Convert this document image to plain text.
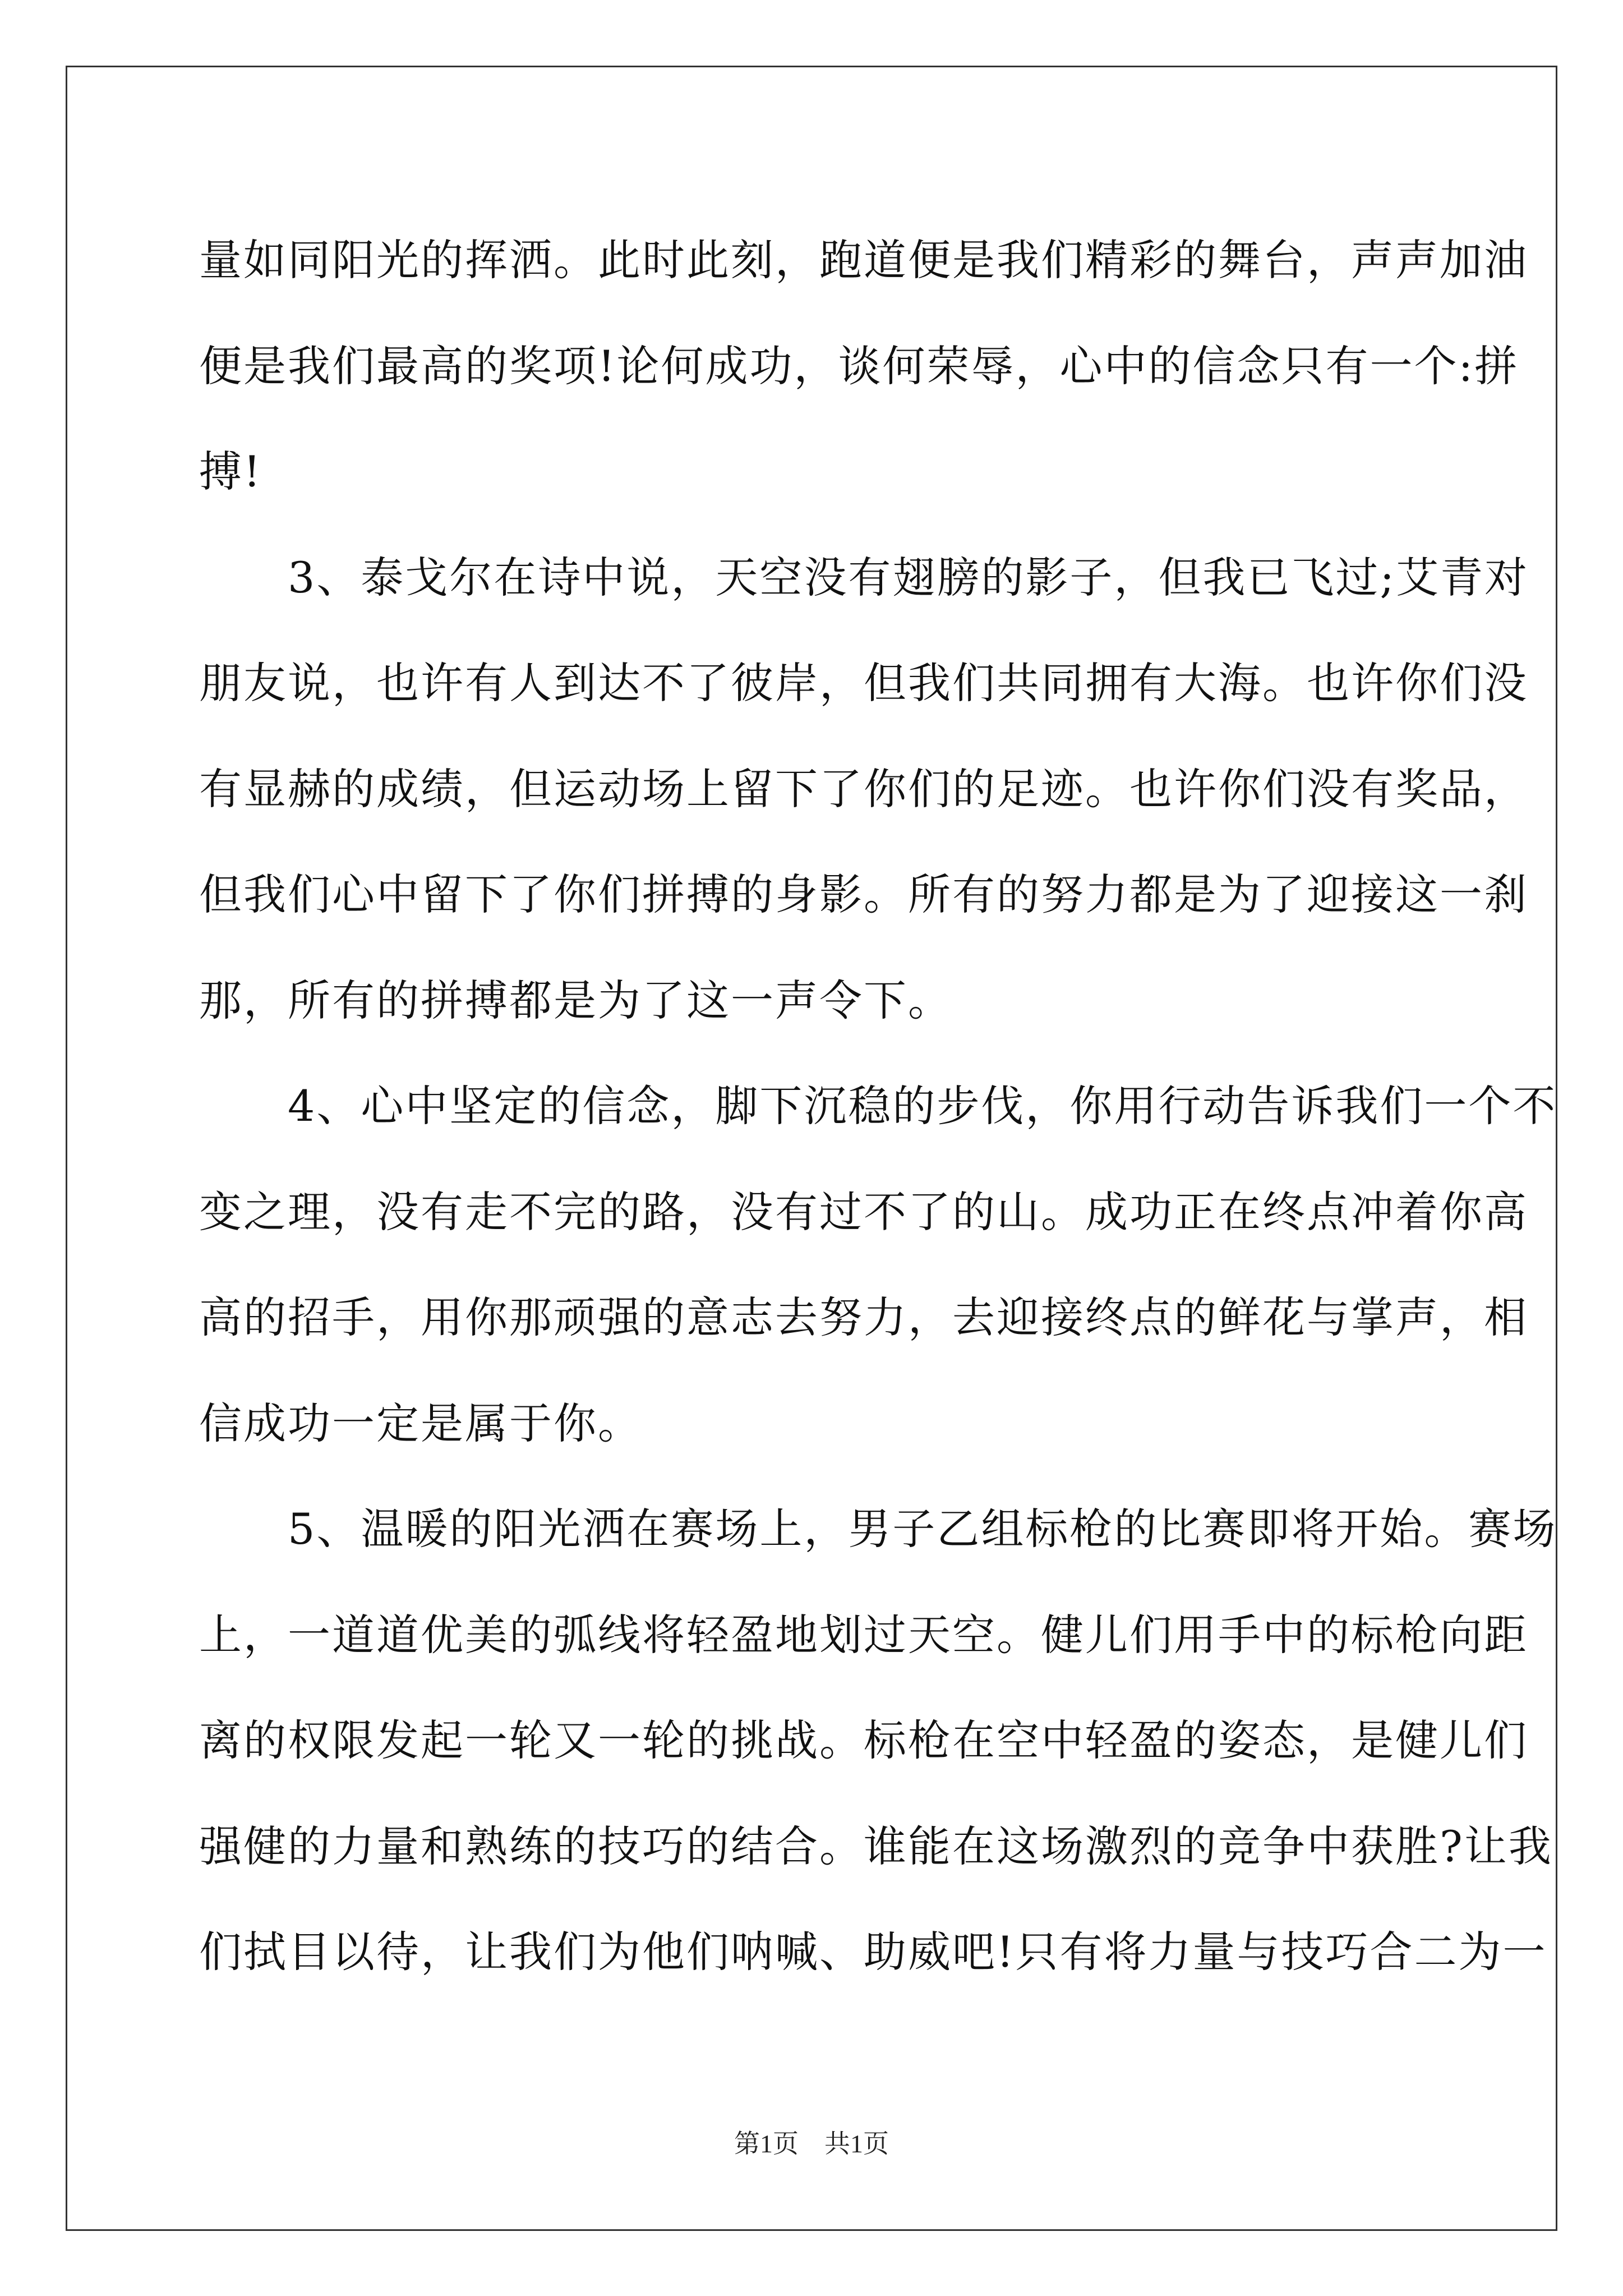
量如同阳光的挥洒。此时此刻，跑道便是我们精彩的舞台，声声加油
便是我们最高的奖项!论何成功，谈何荣辱，心中的信念只有一个:拼
搏!
　　3、泰戈尔在诗中说，天空没有翅膀的影子，但我已飞过;艾青对
朋友说，也许有人到达不了彼岸，但我们共同拥有大海。也许你们没
有显赫的成绩，但运动场上留下了你们的足迹。也许你们没有奖品，
但我们心中留下了你们拼搏的身影。所有的努力都是为了迎接这一刹
那，所有的拼搏都是为了这一声令下。
　　4、心中坚定的信念，脚下沉稳的步伐，你用行动告诉我们一个不
变之理，没有走不完的路，没有过不了的山。成功正在终点冲着你高
高的招手，用你那顽强的意志去努力，去迎接终点的鲜花与掌声，相
信成功一定是属于你。
　　5、温暖的阳光洒在赛场上，男子乙组标枪的比赛即将开始。赛场
上，一道道优美的弧线将轻盈地划过天空。健儿们用手中的标枪向距
离的权限发起一轮又一轮的挑战。标枪在空中轻盈的姿态，是健儿们
强健的力量和熟练的技巧的结合。谁能在这场激烈的竞争中获胜?让我
们拭目以待，让我们为他们呐喊、助威吧!只有将力量与技巧合二为一
第1页　共1页
